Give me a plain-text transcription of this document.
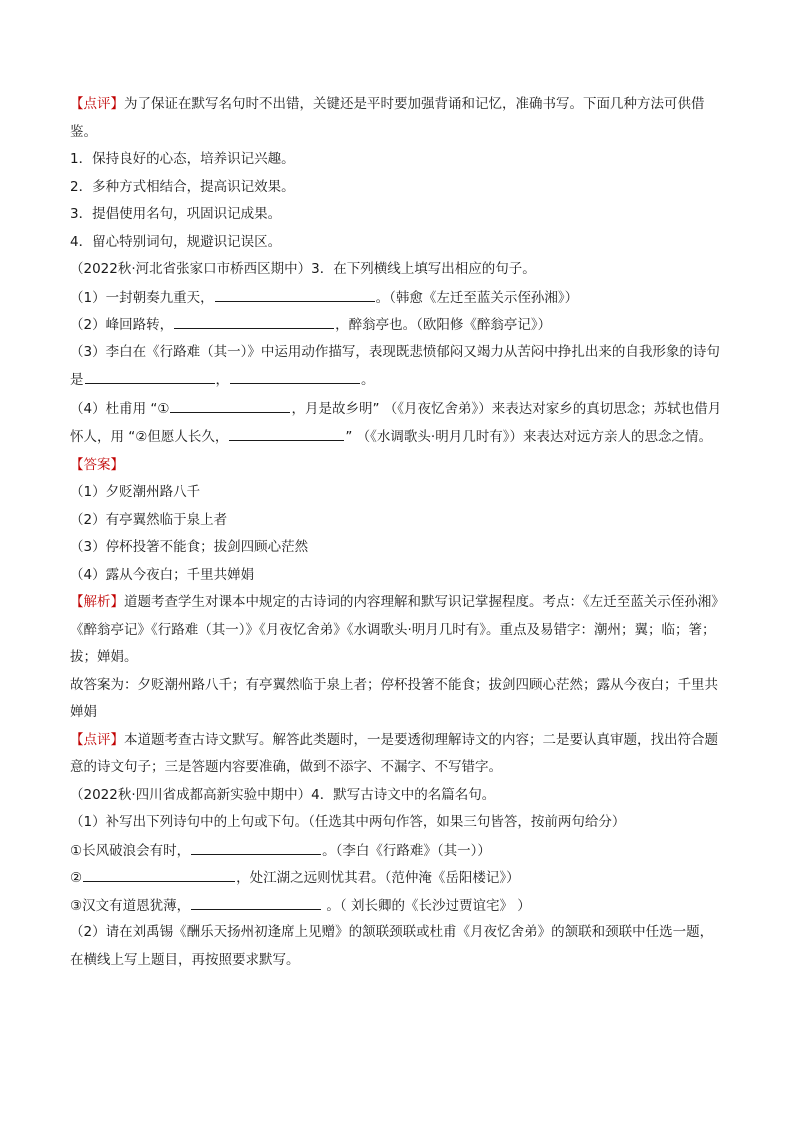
【点评】为了保证在默写名句时不出错，关键还是平时要加强背诵和记忆，准确书写。下面几种方法可供借鉴。
1．保持良好的心态，培养识记兴趣。
2．多种方式相结合，提高识记效果。
3．提倡使用名句，巩固识记成果。
4．留心特别词句，规避识记误区。
（2022秋·河北省张家口市桥西区期中）3．在下列横线上填写出相应的句子。
（1）一封朝奏九重天，	。（韩愈《左迁至蓝关示侄孙湘》）
（2）峰回路转，	，醉翁亭也。（欧阳修《醉翁亭记》）
（3）李白在《行路难（其一）》中运用动作描写，表现既悲愤郁闷又竭力从苦闷中挣扎出来的自我形象的诗句是	，	。
（4）杜甫用 “①	，月是故乡明” （《月夜忆舍弟》）来表达对家乡的真切思念；苏轼也借月怀人，用 “②但愿人长久，	” （《水调歌头·明月几时有》）来表达对远方亲人的思念之情。
【答案】
（1）夕贬潮州路八千
（2）有亭翼然临于泉上者
（3）停杯投箸不能食；拔剑四顾心茫然
（4）露从今夜白；千里共婵娟
【解析】道题考查学生对课本中规定的古诗词的内容理解和默写识记掌握程度。考点：《左迁至蓝关示侄孙湘》《醉翁亭记》《行路难（其一）》《月夜忆舍弟》《水调歌头·明月几时有》。重点及易错字：潮州；翼；临；箸；拔；婵娟。
故答案为：夕贬潮州路八千；有亭翼然临于泉上者；停杯投箸不能食；拔剑四顾心茫然；露从今夜白；千里共婵娟
【点评】本道题考查古诗文默写。解答此类题时，一是要透彻理解诗文的内容；二是要认真审题，找出符合题意的诗文句子；三是答题内容要准确，做到不添字、不漏字、不写错字。
（2022秋·四川省成都高新实验中期中）4．默写古诗文中的名篇名句。
（1）补写出下列诗句中的上句或下句。（任选其中两句作答，如果三句皆答，按前两句给分）
①长风破浪会有时，	。（李白《行路难》（其一））
②	，处江湖之远则忧其君。（范仲淹《岳阳楼记》）
③汉文有道恩犹薄，	。（ 刘长卿的《长沙过贾谊宅》 ）
（2）请在刘禹锡《酬乐天扬州初逢席上见赠》的颔联颈联或杜甫《月夜忆舍弟》的颔联和颈联中任选一题，在横线上写上题目，再按照要求默写。
